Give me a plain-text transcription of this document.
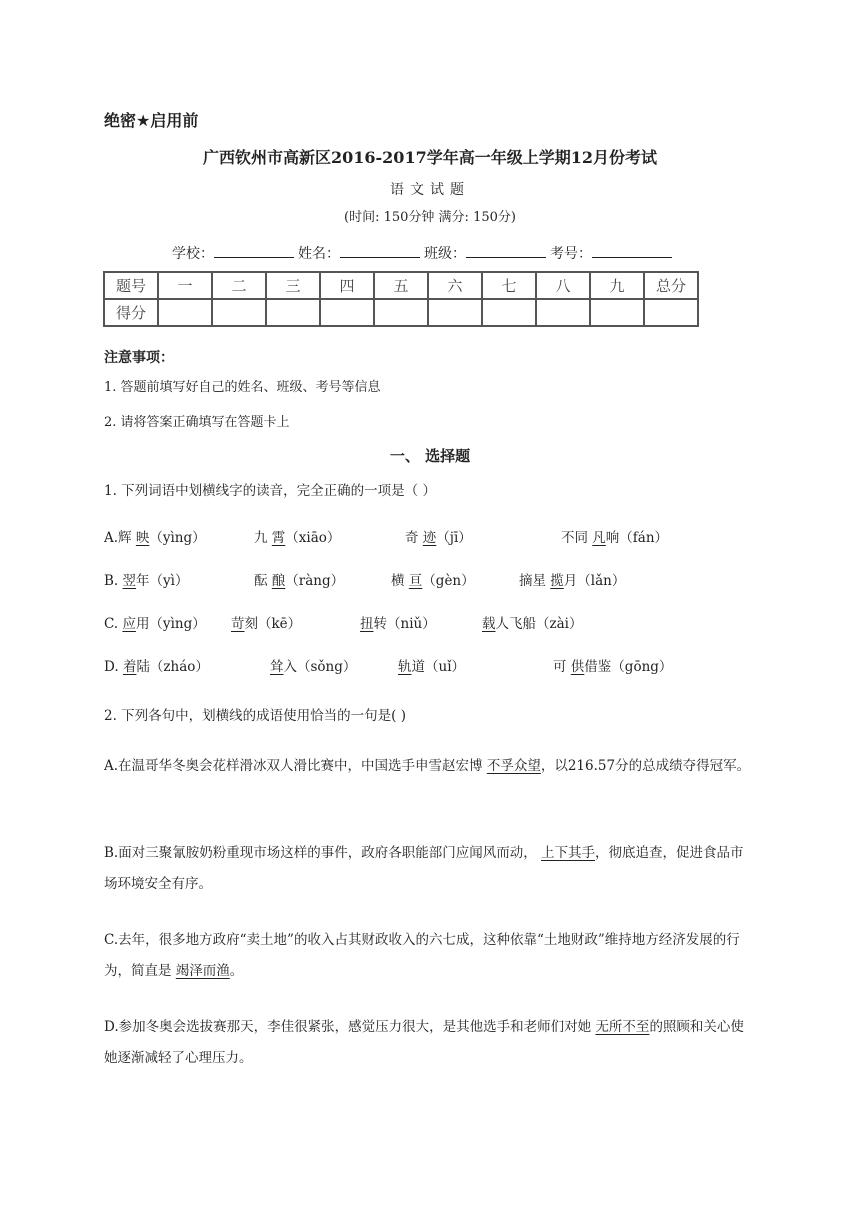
绝密★启用前
广西钦州市高新区2016-2017学年高一年级上学期12月份考试
语文试题
(时间: 150分钟 满分: 150分)
学校：	姓名：	班级：	考号：
题号	一	二	三	四	五	六	七	八	九	总分
得分										
注意事项：
1. 答题前填写好自己的姓名、班级、考号等信息
2. 请将答案正确填写在答题卡上
一、 选择题
1. 下列词语中划横线字的读音，完全正确的一项是（ ）
A.辉 映（yìng）	九 霄（xiāo）	奇 迹（jī）	不同 凡响（fán）
B. 翌年（yì）	酝 酿（ràng）	横 亘（gèn）	摘星 揽月（lǎn）
C. 应用（yìng） 苛刻（kē）	扭转（niǔ）	载人飞船（zài）
D. 着陆（zháo）	耸入（sǒng）	轨道（uǐ）	可 供借鉴（gōng）
2. 下列各句中，划横线的成语使用恰当的一句是( )
A.在温哥华冬奥会花样滑冰双人滑比赛中，中国选手申雪赵宏博 不孚众望，以216.57分的总成绩夺得冠军。
B.面对三聚氰胺奶粉重现市场这样的事件，政府各职能部门应闻风而动， 上下其手，彻底追查，促进食品市场环境安全有序。
C.去年，很多地方政府“卖土地”的收入占其财政收入的六七成，这种依靠“土地财政”维持地方经济发展的行为，简直是 竭泽而渔。
D.参加冬奥会选拔赛那天，李佳很紧张，感觉压力很大，是其他选手和老师们对她 无所不至的照顾和关心使她逐渐减轻了心理压力。
